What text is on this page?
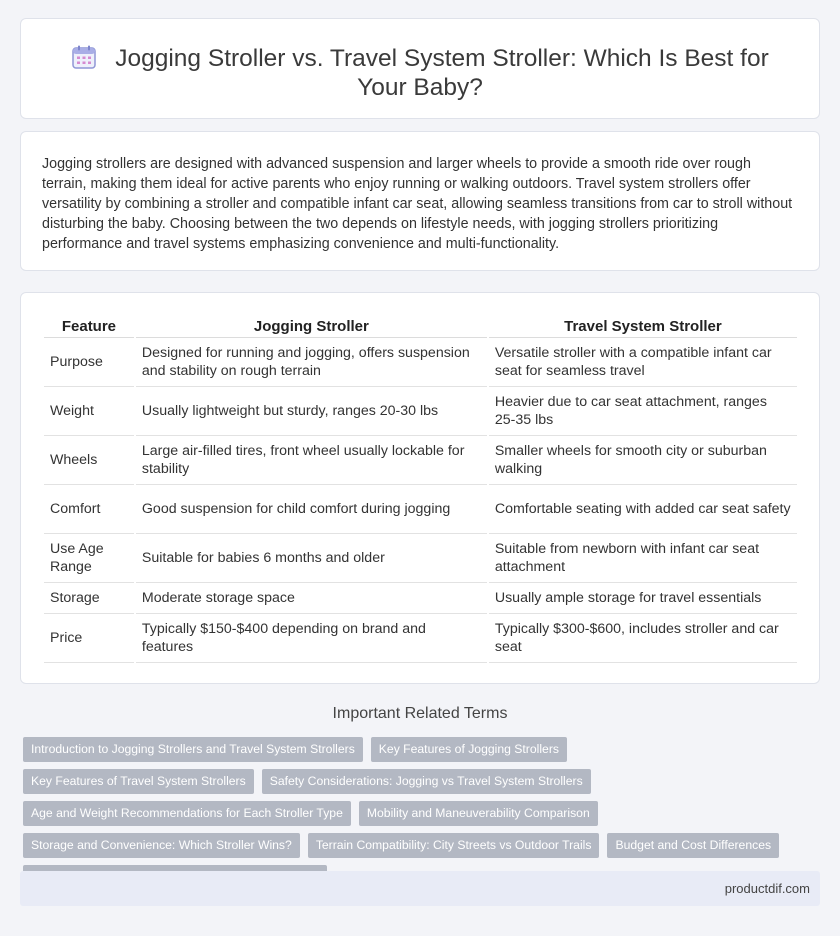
Jogging Stroller vs. Travel System Stroller: Which Is Best for Your Baby?

Jogging strollers are designed with advanced suspension and larger wheels to provide a smooth ride over rough terrain, making them ideal for active parents who enjoy running or walking outdoors. Travel system strollers offer versatility by combining a stroller and compatible infant car seat, allowing seamless transitions from car to stroll without disturbing the baby. Choosing between the two depends on lifestyle needs, with jogging strollers prioritizing performance and travel systems emphasizing convenience and multi-functionality.

Feature	Jogging Stroller	Travel System Stroller
Purpose	Designed for running and jogging, offers suspension and stability on rough terrain	Versatile stroller with a compatible infant car seat for seamless travel
Weight	Usually lightweight but sturdy, ranges 20-30 lbs	Heavier due to car seat attachment, ranges 25-35 lbs
Wheels	Large air-filled tires, front wheel usually lockable for stability	Smaller wheels for smooth city or suburban walking
Comfort	Good suspension for child comfort during jogging	Comfortable seating with added car seat safety
Use Age Range	Suitable for babies 6 months and older	Suitable from newborn with infant car seat attachment
Storage	Moderate storage space	Usually ample storage for travel essentials
Price	Typically $150-$400 depending on brand and features	Typically $300-$600, includes stroller and car seat
Important Related Terms
Introduction to Jogging Strollers and Travel System Strollers	Key Features of Jogging Strollers
Key Features of Travel System Strollers	Safety Considerations: Jogging vs Travel System Strollers
Age and Weight Recommendations for Each Stroller Type	Mobility and Maneuverability Comparison
Storage and Convenience: Which Stroller Wins?	Terrain Compatibility: City Streets vs Outdoor Trails	Budget and Cost Differences
productdif.com
